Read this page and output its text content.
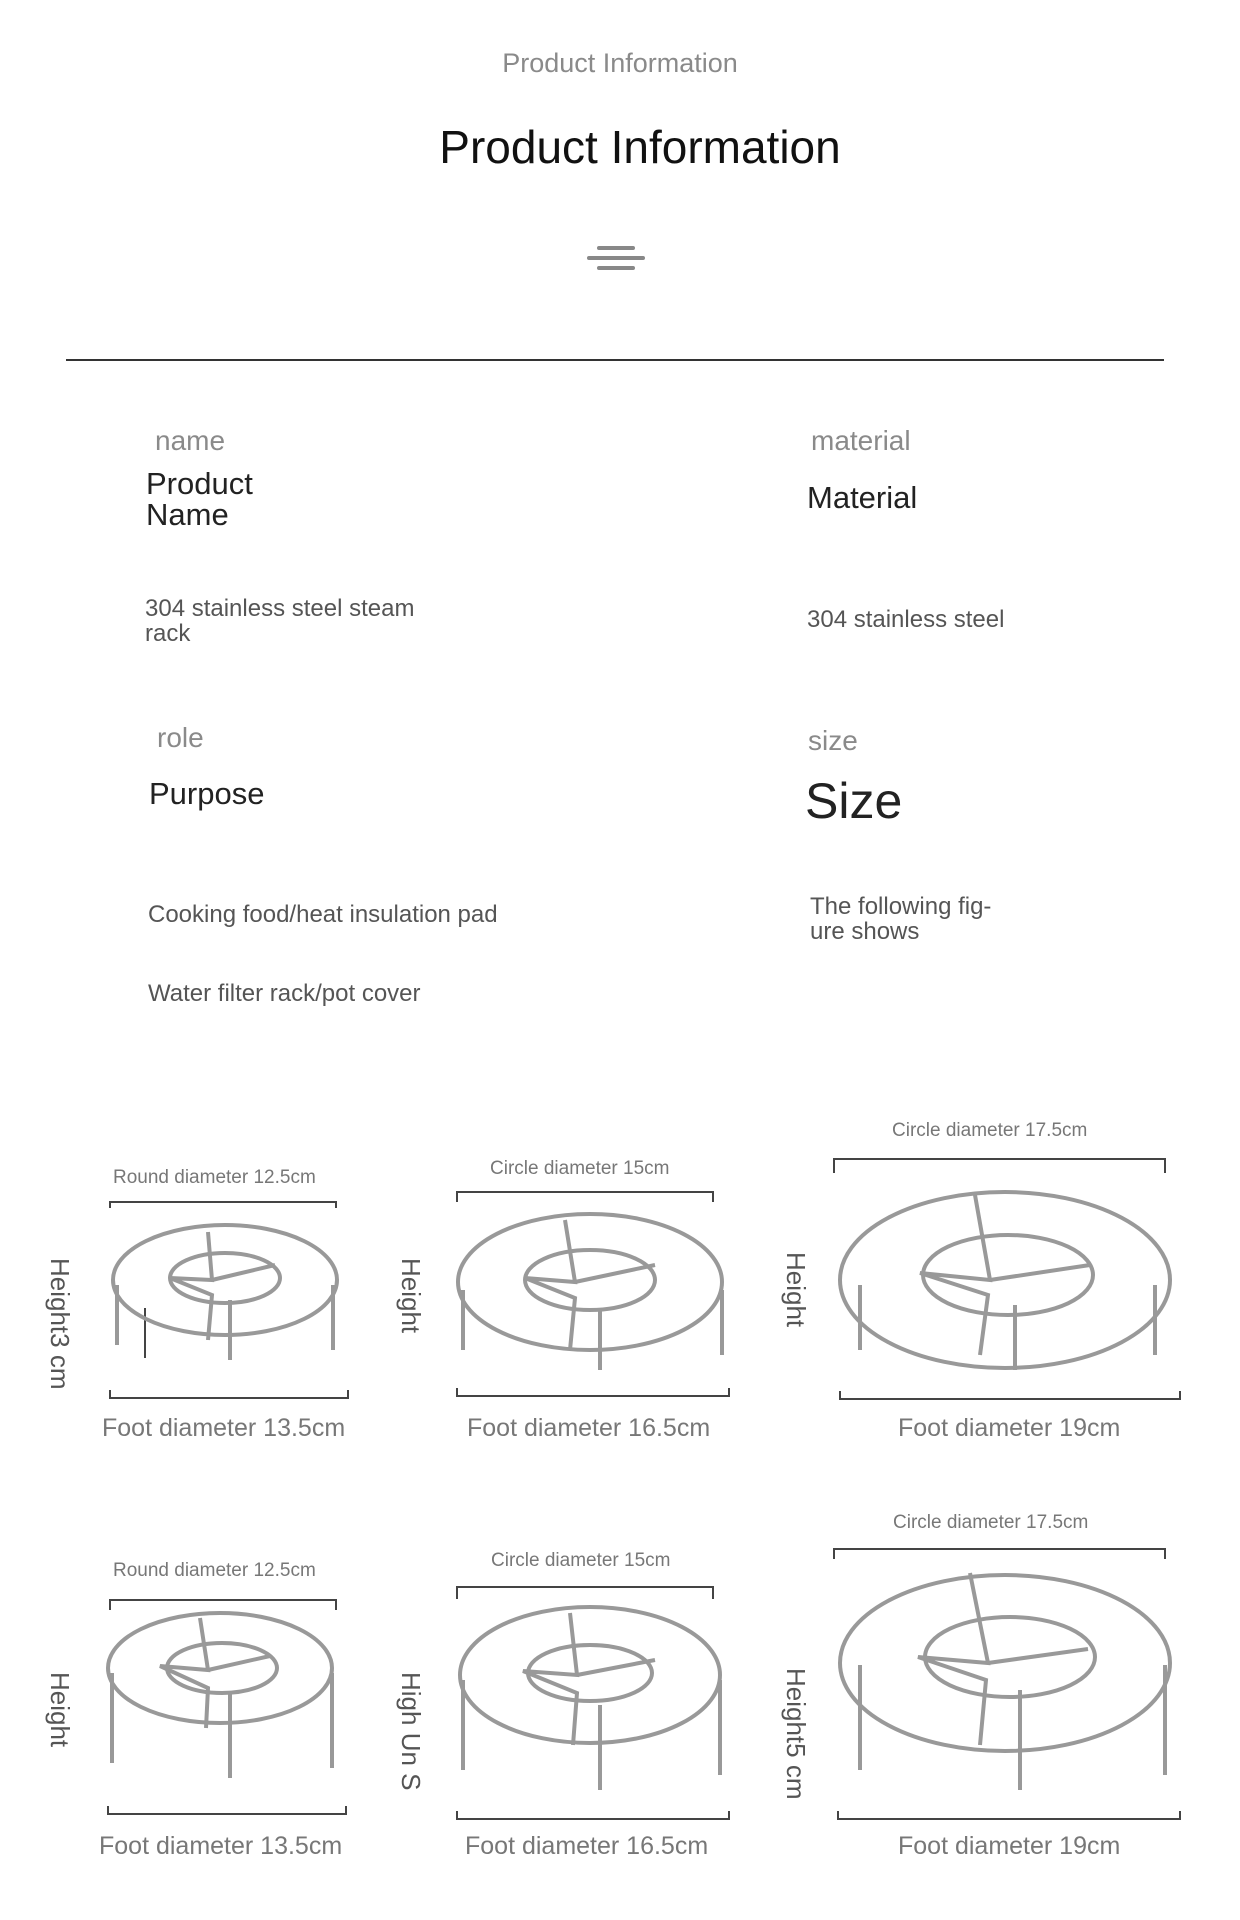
Product Information
Product Information
name
Product Name
304 stainless steel steam rack
material
Material
304 stainless steel
role
Purpose
Cooking food/heat insulation pad
Water filter rack/pot cover
size
Size
The following fig-ure shows
Round diameter 12.5cm
Height3 cm
Foot diameter 13.5cm
Circle diameter 15cm
Height
Foot diameter 16.5cm
Circle diameter 17.5cm
Height
Foot diameter 19cm
Round diameter 12.5cm
Height
Foot diameter 13.5cm
Circle diameter 15cm
High Un S
Foot diameter 16.5cm
Circle diameter 17.5cm
Height5 cm
Foot diameter 19cm
